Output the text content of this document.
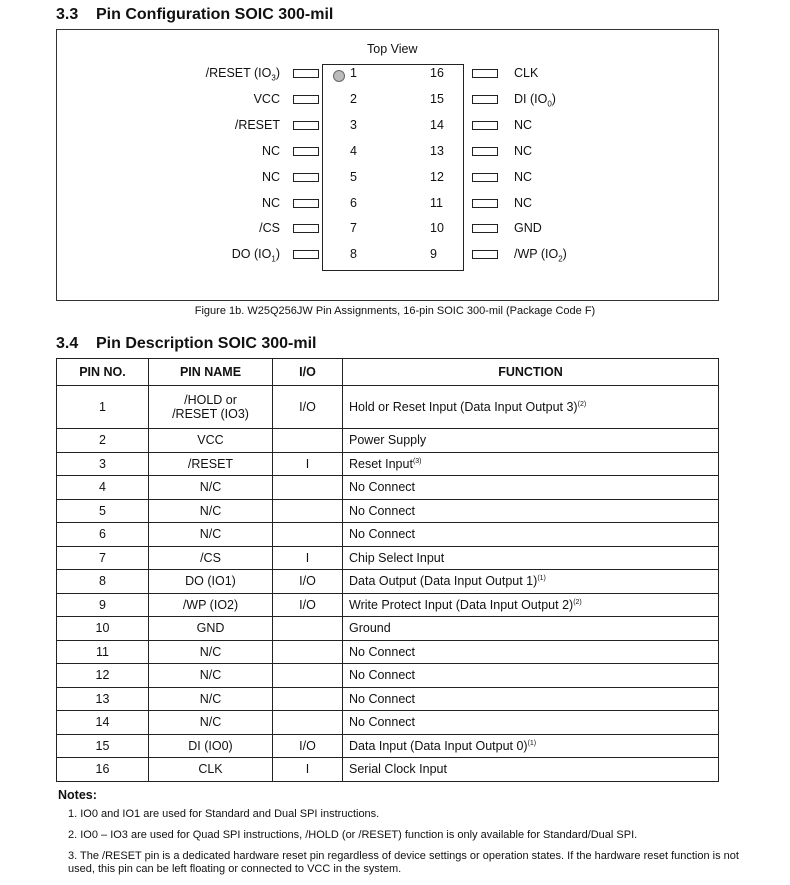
3.3 Pin Configuration SOIC 300-mil
Top View
/RESET $(IO_3)$	1
VCC	2
/RESET	3
NC	4
NC	5
NC	6
/CS	7
DO $(IO_1)$	8
16	CLK
15	DI $(IO_0)$
14	NC
13	NC
12	NC
11	NC
10	GND
9	/WP $(IO_2)$
Figure 1b. W25Q256JW Pin Assignments, 16-pin SOIC 300-mil (Package Code F)
3.4 Pin Description SOIC 300-mil
PIN NO.	PIN NAME	I/O	FUNCTION
1	/HOLD or
/RESET (IO3)	I/O	Hold or Reset Input (Data Input Output 3)$^{(2)}$
2	VCC		Power Supply
3	/RESET	I	Reset Input$^{(3)}$
4	N/C		No Connect
5	N/C		No Connect
6	N/C		No Connect
7	/CS	I	Chip Select Input
8	DO (IO1)	I/O	Data Output (Data Input Output 1)$^{(1)}$
9	/WP (IO2)	I/O	Write Protect Input (Data Input Output 2)$^{(2)}$
10	GND		Ground
11	N/C		No Connect
12	N/C		No Connect
13	N/C		No Connect
14	N/C		No Connect
15	DI (IO0)	I/O	Data Input (Data Input Output 0)$^{(1)}$
16	CLK	I	Serial Clock Input
Notes:
1. IO0 and IO1 are used for Standard and Dual SPI instructions.
2. IO0 – IO3 are used for Quad SPI instructions, /HOLD (or /RESET) function is only available for Standard/Dual SPI.
3. The /RESET pin is a dedicated hardware reset pin regardless of device settings or operation states. If the hardware reset function is not used, this pin can be left floating or connected to VCC in the system.
